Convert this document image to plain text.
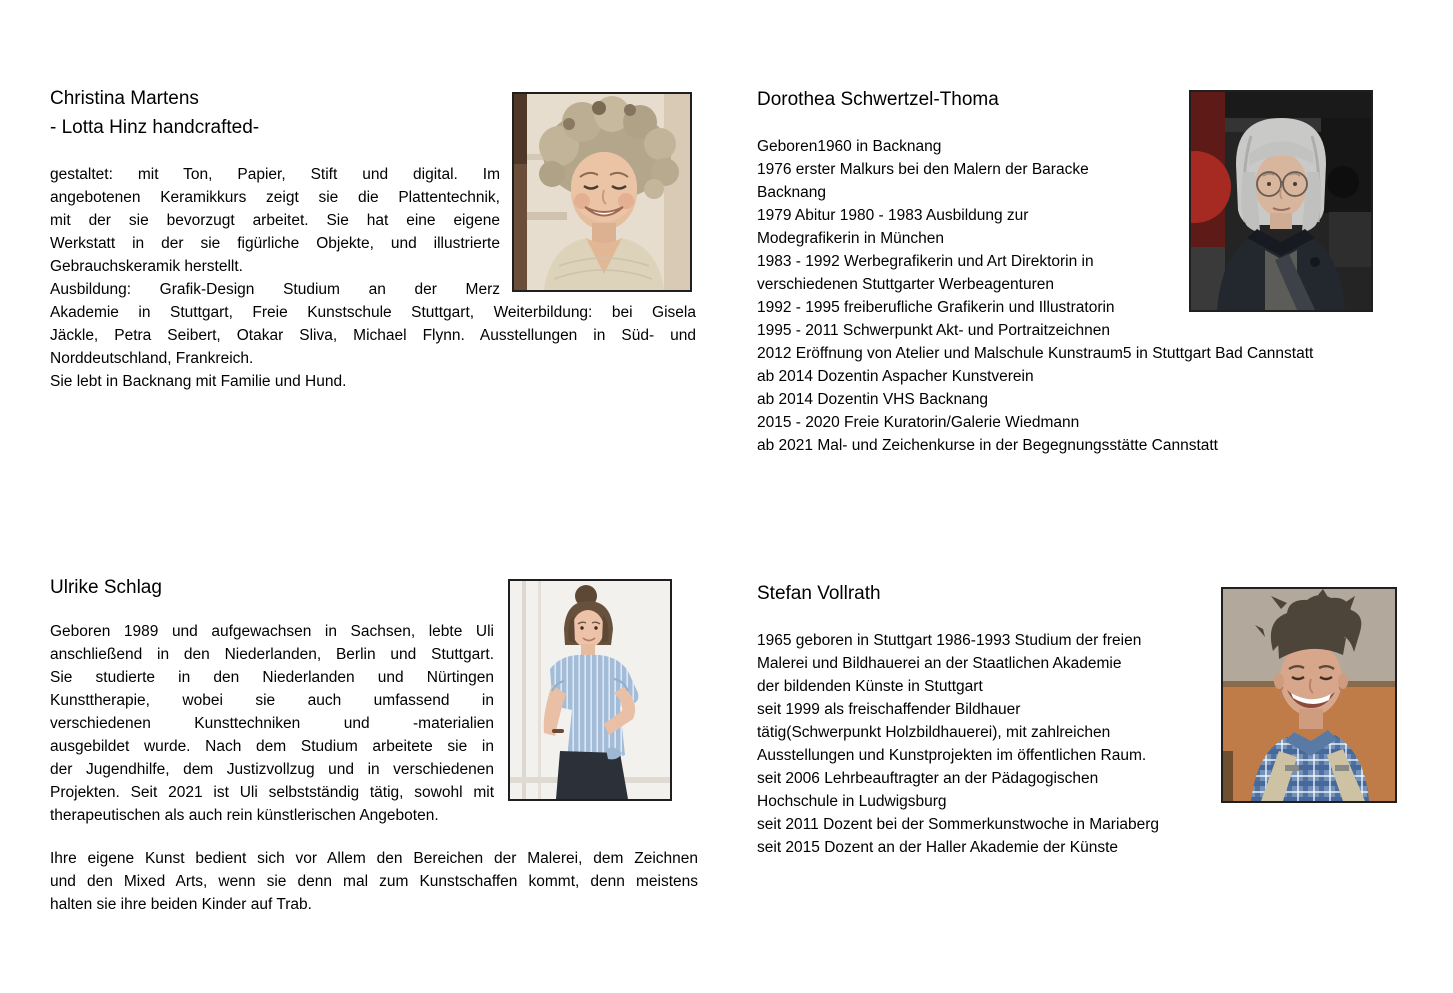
Christina Martens
- Lotta Hinz handcrafted-
gestaltet: mit Ton, Papier, Stift und digital. Im
angebotenen Keramikkurs zeigt sie die Plattentechnik,
mit der sie bevorzugt arbeitet. Sie hat eine eigene
Werkstatt in der sie figürliche Objekte, und illustrierte
Gebrauchskeramik herstellt.
Ausbildung: Grafik-Design Studium an der Merz
Akademie in Stuttgart, Freie Kunstschule Stuttgart, Weiterbildung: bei Gisela
Jäckle, Petra Seibert, Otakar Sliva, Michael Flynn. Ausstellungen in Süd- und
Norddeutschland, Frankreich.
Sie lebt in Backnang mit Familie und Hund.
Dorothea Schwertzel-Thoma
Geboren1960 in Backnang
1976 erster Malkurs bei den Malern der Baracke
Backnang
1979 Abitur 1980 - 1983 Ausbildung zur
Modegrafikerin in München
1983 - 1992 Werbegrafikerin und Art Direktorin in
verschiedenen Stuttgarter Werbeagenturen
1992 - 1995 freiberufliche Grafikerin und Illustratorin
1995 - 2011 Schwerpunkt Akt- und Portraitzeichnen
2012 Eröffnung von Atelier und Malschule Kunstraum5 in Stuttgart Bad Cannstatt
ab 2014 Dozentin Aspacher Kunstverein
ab 2014 Dozentin VHS Backnang
2015 - 2020 Freie Kuratorin/Galerie Wiedmann
ab 2021 Mal- und Zeichenkurse in der Begegnungsstätte Cannstatt
Ulrike Schlag
Geboren 1989 und aufgewachsen in Sachsen, lebte Uli
anschließend in den Niederlanden, Berlin und Stuttgart.
Sie studierte in den Niederlanden und Nürtingen
Kunsttherapie, wobei sie auch umfassend in
verschiedenen Kunsttechniken und -materialien
ausgebildet wurde. Nach dem Studium arbeitete sie in
der Jugendhilfe, dem Justizvollzug und in verschiedenen
Projekten. Seit 2021 ist Uli selbstständig tätig, sowohl mit
therapeutischen als auch rein künstlerischen Angeboten.
Ihre eigene Kunst bedient sich vor Allem den Bereichen der Malerei, dem Zeichnen
und den Mixed Arts, wenn sie denn mal zum Kunstschaffen kommt, denn meistens
halten sie ihre beiden Kinder auf Trab.
Stefan Vollrath
1965 geboren in Stuttgart 1986-1993 Studium der freien
Malerei und Bildhauerei an der Staatlichen Akademie
der bildenden Künste in Stuttgart
seit 1999 als freischaffender Bildhauer
tätig(Schwerpunkt Holzbildhauerei), mit zahlreichen
Ausstellungen und Kunstprojekten im öffentlichen Raum.
seit 2006 Lehrbeauftragter an der Pädagogischen
Hochschule in Ludwigsburg
seit 2011 Dozent bei der Sommerkunstwoche in Mariaberg
seit 2015 Dozent an der Haller Akademie der Künste
